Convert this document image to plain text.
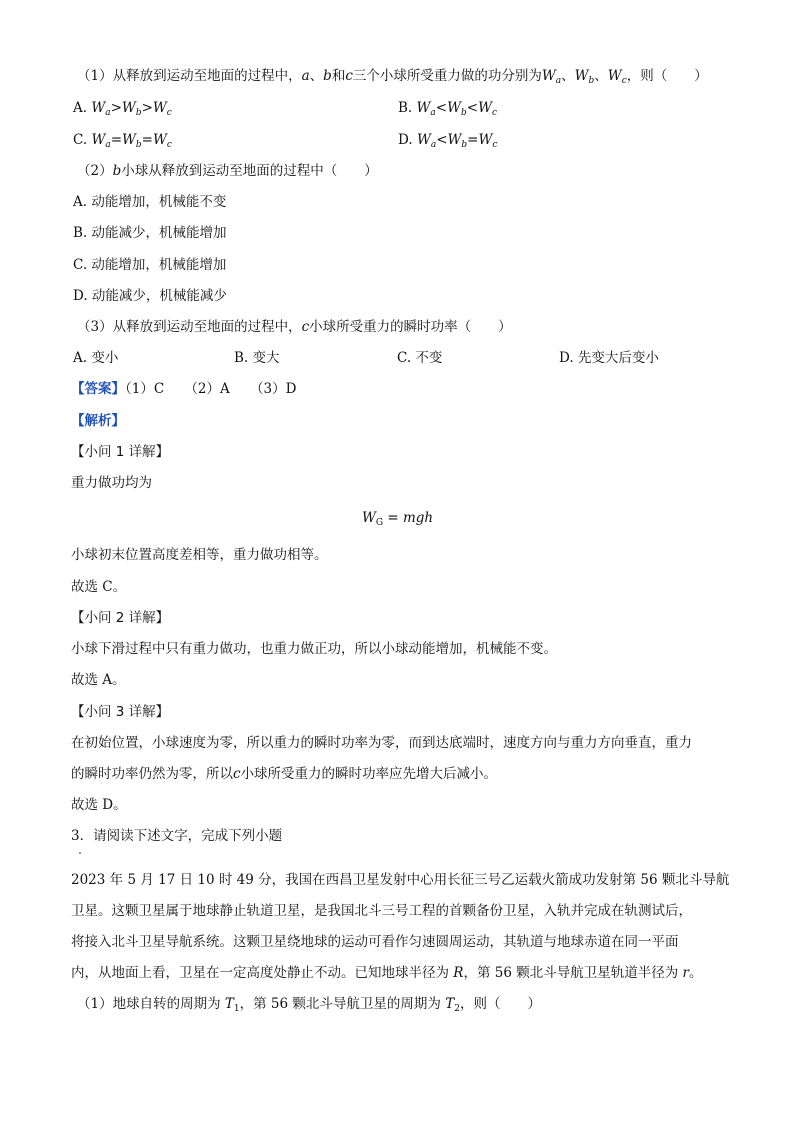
（1）从释放到运动至地面的过程中，a、b和c三个小球所受重力做的功分别为$W_a$、$W_b$、$W_c$，则（　　）
A. $W_a>W_b>W_c$	B. $W_a<W_b<W_c$
C. $W_a=W_b=W_c$	D. $W_a<W_b=W_c$
（2）b小球从释放到运动至地面的过程中（　　）
A. 动能增加，机械能不变
B. 动能减少，机械能增加
C. 动能增加，机械能增加
D. 动能减少，机械能减少
（3）从释放到运动至地面的过程中，c小球所受重力的瞬时功率（　　）
A. 变小	B. 变大	C. 不变	D. 先变大后变小
【答案】（1）C　　（2）A　　（3）D
【解析】
【小问 1 详解】
重力做功均为
$W_G$ = mgh
小球初末位置高度差相等，重力做功相等。
故选 C。
【小问 2 详解】
小球下滑过程中只有重力做功，也重力做正功，所以小球动能增加，机械能不变。
故选 A。
【小问 3 详解】
在初始位置，小球速度为零，所以重力的瞬时功率为零，而到达底端时，速度方向与重力方向垂直，重力
的瞬时功率仍然为零，所以c小球所受重力的瞬时功率应先增大后减小。
故选 D。
3．请阅读下述文字，完成下列小题
2023 年 5 月 17 日 10 时 49 分，我国在西昌卫星发射中心用长征三号乙运载火箭成功发射第 56 颗北斗导航
卫星。这颗卫星属于地球静止轨道卫星，是我国北斗三号工程的首颗备份卫星，入轨并完成在轨测试后，
将接入北斗卫星导航系统。这颗卫星绕地球的运动可看作匀速圆周运动，其轨道与地球赤道在同一平面
内，从地面上看，卫星在一定高度处静止不动。已知地球半径为 R，第 56 颗北斗导航卫星轨道半径为 r。
（1）地球自转的周期为 $T_1$，第 56 颗北斗导航卫星的周期为 $T_2$，则（　　）
